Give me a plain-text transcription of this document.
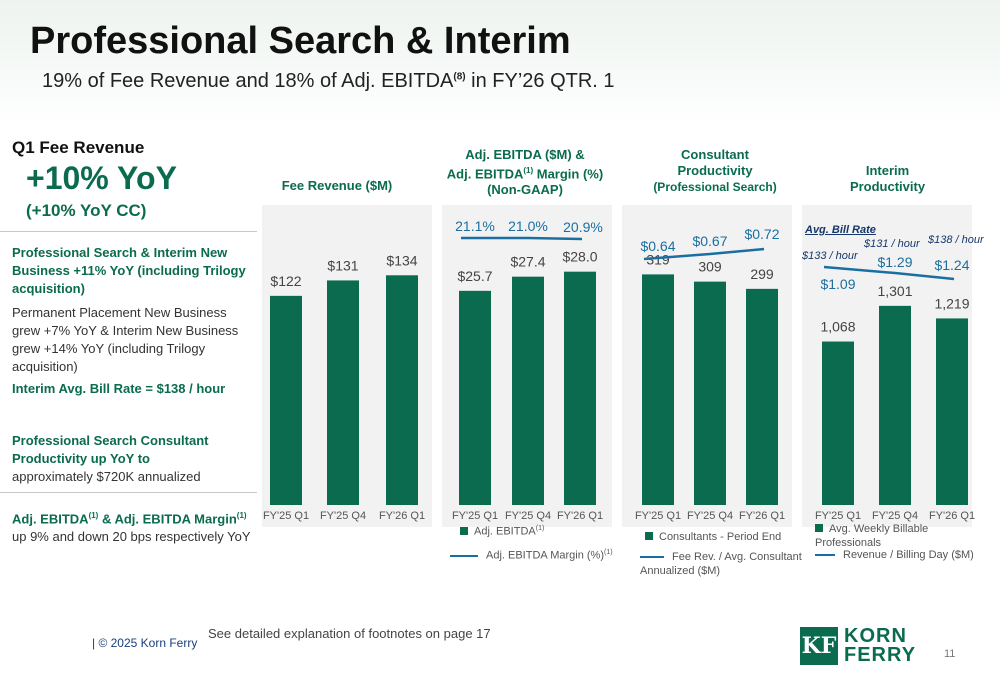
Professional Search & Interim
19% of Fee Revenue and 18% of Adj. EBITDA$^{(8)}$ in FY’26 QTR. 1
Q1 Fee Revenue
+10% YoY
(+10% YoY CC)
Professional Search & Interim New Business +11% YoY (including Trilogy acquisition)
Permanent Placement New Business grew +7% YoY & Interim New Business grew +14% YoY (including Trilogy acquisition)
Interim Avg. Bill Rate = $138 / hour
Professional Search Consultant Productivity up YoY to
approximately $720K annualized
Adj. EBITDA$^{(1)}$ & Adj. EBITDA Margin$^{(1)}$ up 9% and down 20 bps respectively YoY
Fee Revenue ($M)
Adj. EBITDA ($M) &
Adj. EBITDA$^{(1)}$ Margin (%)
(Non-GAAP)
Consultant
Productivity
(Professional Search)
Interim
Productivity
$122
$131 $134
FY'25 Q1 FY'25 Q4 FY'26 Q1
$25.7
$27.4 $28.0
FY'25 Q1 FY'25 Q4 FY'26 Q1
21.1% 21.0% 20.9%
319 309 299
FY'25 Q1 FY'25 Q4 FY'26 Q1
$0.64 $0.67 $0.72
1,068
1,301
1,219
FY'25 Q1 FY'25 Q4 FY'26 Q1
$1.09
$1.29 $1.24
Avg. Bill Rate
$133 / hour
$131 / hour $138 / hour
Adj. EBITDA$^{(1)}$
Adj. EBITDA Margin (%)$^{(1)}$
Consultants - Period End
Fee Rev. / Avg. Consultant Annualized ($M)
Avg. Weekly Billable Professionals
Revenue / Billing Day ($M)
| © 2025 Korn Ferry
See detailed explanation of footnotes on page 17	KF KORN
FERRY	11
